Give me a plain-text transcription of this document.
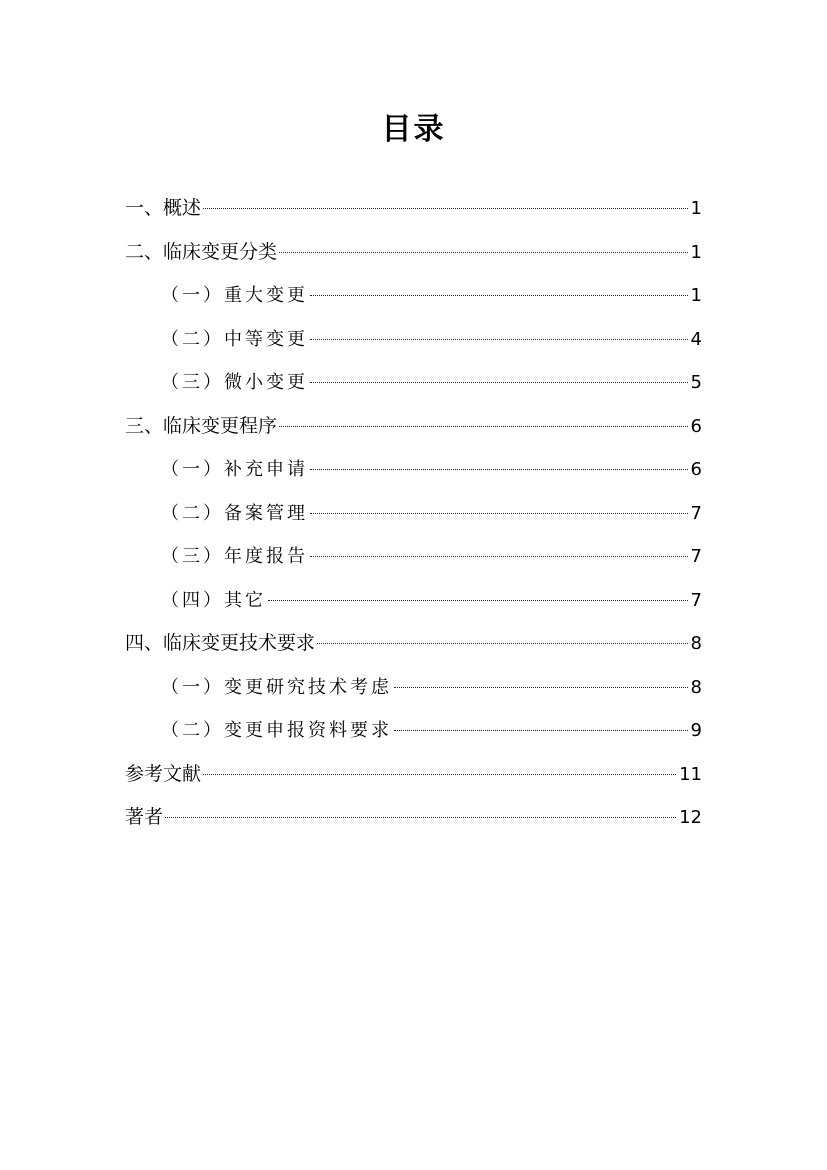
目录
一、概述	1
二、临床变更分类	1
（一）重大变更	1
（二）中等变更	4
（三）微小变更	5
三、临床变更程序	6
（一）补充申请	6
（二）备案管理	7
（三）年度报告	7
（四）其它	7
四、临床变更技术要求	8
（一）变更研究技术考虑	8
（二）变更申报资料要求	9
参考文献	11
著者	12
